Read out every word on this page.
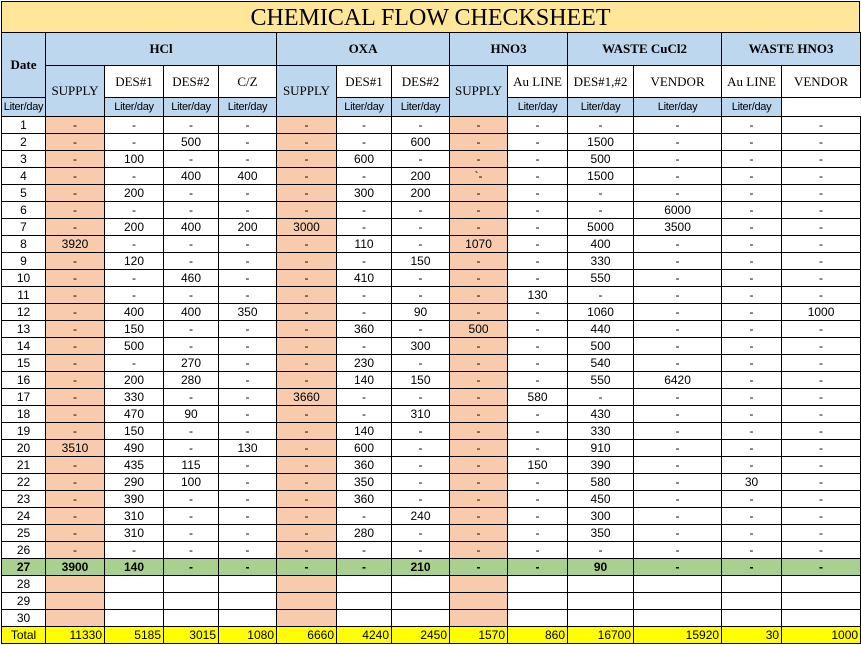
CHEMICAL FLOW CHECKSHEET
Date	HCl				OXA			HNO3		WASTE CuCl2		WASTE HNO3	
	SUPPLY	DES#1	DES#2	C/Z	SUPPLY	DES#1	DES#2	SUPPLY	Au LINE	DES#1,#2	VENDOR	Au LINE	VENDOR
Liter/day		Liter/day	Liter/day	Liter/day		Liter/day	Liter/day		Liter/day	Liter/day	Liter/day	Liter/day	
1	-	-	-	-	-	-	-	-	-	-	-	-	-
2	-	-	500	-	-	-	600	-	-	1500	-	-	-
3	-	100	-	-	-	600	-	-	-	500	-	-	-
4	-	-	400	400	-	-	200	`-	-	1500	-	-	-
5	-	200	-	-	-	300	200	-	-	-	-	-	-
6	-	-	-	-	-	-	-	-	-	-	6000	-	-
7	-	200	400	200	3000	-	-	-	-	5000	3500	-	-
8	3920	-	-	-	-	110	-	1070	-	400	-	-	-
9	-	120	-	-	-	-	150	-	-	330	-	-	-
10	-	-	460	-	-	410	-	-	-	550	-	-	-
11	-	-	-	-	-	-	-	-	130	-	-	-	-
12	-	400	400	350	-	-	90	-	-	1060	-	-	1000
13	-	150	-	-	-	360	-	500	-	440	-	-	-
14	-	500	-	-	-	-	300	-	-	500	-	-	-
15	-	-	270	-	-	230	-	-	-	540	-	-	-
16	-	200	280	-	-	140	150	-	-	550	6420	-	-
17	-	330	-	-	3660	-	-	-	580	-	-	-	-
18	-	470	90	-	-	-	310	-	-	430	-	-	-
19	-	150	-	-	-	140	-	-	-	330	-	-	-
20	3510	490	-	130	-	600	-	-	-	910	-	-	-
21	-	435	115	-	-	360	-	-	150	390	-	-	-
22	-	290	100	-	-	350	-	-	-	580	-	30	-
23	-	390	-	-	-	360	-	-	-	450	-	-	-
24	-	310	-	-	-	-	240	-	-	300	-	-	-
25	-	310	-	-	-	280	-	-	-	350	-	-	-
26	-	-	-	-	-	-	-	-	-	-	-	-	-
27	3900	140	-	-	-	-	210	-	-	90	-	-	-
28													
29													
30													
Total	11330	5185	3015	1080	6660	4240	2450	1570	860	16700	15920	30	1000
